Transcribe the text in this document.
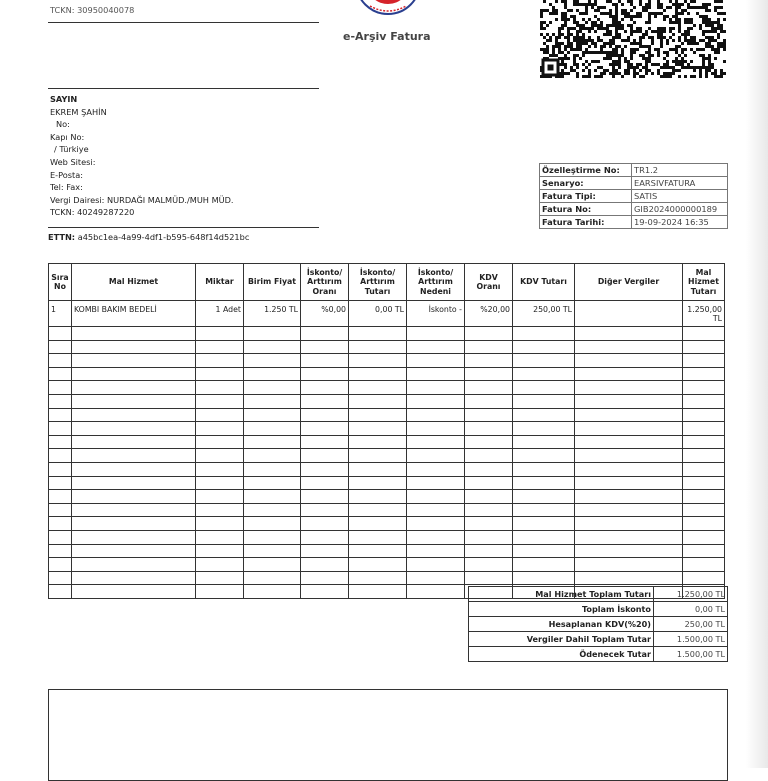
TCKN: 30950040078
e-Arşiv Fatura
SAYIN
EKREM ŞAHİN
No:
Kapı No:
/ Türkiye
Web Sitesi:
E-Posta:
Tel: Fax:
Vergi Dairesi: NURDAĞI MALMÜD./MUH MÜD.
TCKN: 40249287220
ETTN: a45bc1ea-4a99-4df1-b595-648f14d521bc
Özelleştirme No:	TR1.2
Senaryo:	EARSIVFATURA
Fatura Tipi:	SATIS
Fatura No:	GIB2024000000189
Fatura Tarihi:	19-09-2024 16:35
Sıra No	Mal Hizmet	Miktar	Birim Fiyat	İskonto/ Arttırım Oranı	İskonto/ Arttırım Tutarı	İskonto/ Arttırım Nedeni	KDV Oranı	KDV Tutarı	Diğer Vergiler	Mal Hizmet Tutarı
1	KOMBI BAKIM BEDELİ	1 Adet	1.250 TL	%0,00	0,00 TL	İskonto -	%20,00	250,00 TL		1.250,00 TL

Mal Hizmet Toplam Tutarı	1.250,00 TL
Toplam İskonto	0,00 TL
Hesaplanan KDV(%20)	250,00 TL
Vergiler Dahil Toplam Tutar	1.500,00 TL
Ödenecek Tutar	1.500,00 TL
